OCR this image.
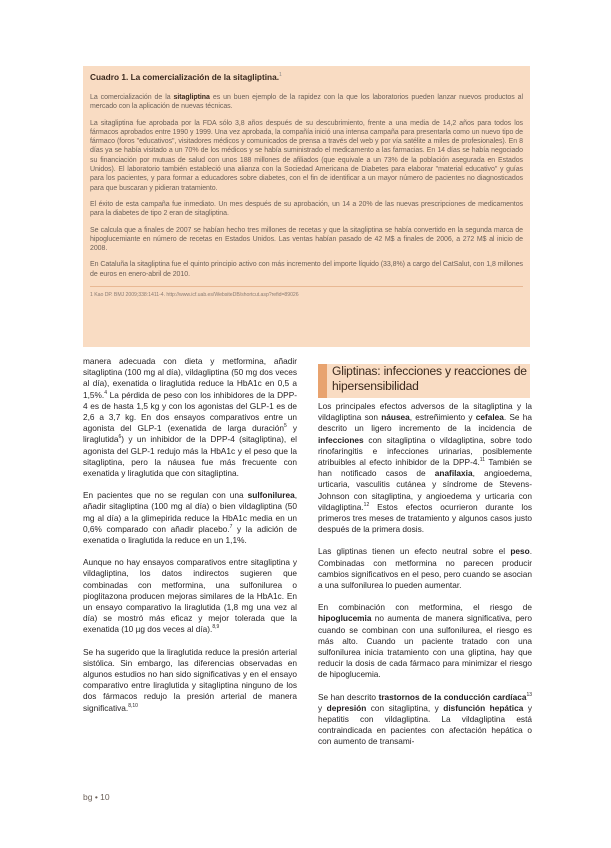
Cuadro 1. La comercialización de la sitagliptina.$^1$

La comercialización de la sitagliptina es un buen ejemplo de la rapidez con la que los laboratorios pueden lanzar nuevos productos al mercado con la aplicación de nuevas técnicas.

La sitagliptina fue aprobada por la FDA sólo 3,8 años después de su descubrimiento, frente a una media de 14,2 años para todos los fármacos aprobados entre 1990 y 1999. Una vez aprobada, la compañía inició una intensa campaña para presentarla como un nuevo tipo de fármaco (foros "educativos", visitadores médicos y comunicados de prensa a través del web y por vía satélite a miles de profesionales). En 8 días ya se había visitado a un 70% de los médicos y se había suministrado el medicamento a las farmacias. En 14 días se había negociado su financiación por mutuas de salud con unos 188 millones de afiliados (que equivale a un 73% de la población asegurada en Estados Unidos). El laboratorio también estableció una alianza con la Sociedad Americana de Diabetes para elaborar "material educativo" y guías para los pacientes, y para formar a educadores sobre diabetes, con el fin de identificar a un mayor número de pacientes no diagnosticados para que buscaran y pidieran tratamiento.

El éxito de esta campaña fue inmediato. Un mes después de su aprobación, un 14 a 20% de las nuevas prescripciones de medicamentos para la diabetes de tipo 2 eran de sitagliptina.

Se calcula que a finales de 2007 se habían hecho tres millones de recetas y que la sitagliptina se había convertido en la segunda marca de hipoglucemiante en número de recetas en Estados Unidos. Las ventas habían pasado de 42 M$ a finales de 2006, a 272 M$ al inicio de 2008.

En Cataluña la sitagliptina fue el quinto principio activo con más incremento del importe líquido (33,8%) a cargo del CatSalut, con 1,8 millones de euros en enero-abril de 2010.

1 Kao DP. BMJ 2009;338:1411-4. http://www.icf.uab.es/WebsiteDB/shortcut.asp?refid=89026

manera adecuada con dieta y metformina, añadir sitagliptina (100 mg al día), vildagliptina (50 mg dos veces al día), exenatida o liraglutida reduce la HbA1c en 0,5 a 1,5%.$^4$ La pérdida de peso con los inhibidores de la DPP-4 es de hasta 1,5 kg y con los agonistas del GLP-1 es de 2,6 a 3,7 kg. En dos ensayos comparativos entre un agonista del GLP-1 (exenatida de larga duración$^5$ y liraglutida$^6$) y un inhibidor de la DPP-4 (sitagliptina), el agonista del GLP-1 redujo más la HbA1c y el peso que la sitagliptina, pero la náusea fue más frecuente con exenatida y liraglutida que con sitagliptina.

En pacientes que no se regulan con una sulfonilurea, añadir sitagliptina (100 mg al día) o bien vildagliptina (50 mg al día) a la glimepirida reduce la HbA1c media en un 0,6% comparado con añadir placebo.$^7$ y la adición de exenatida o liraglutida la reduce en un 1,1%.

Aunque no hay ensayos comparativos entre sitagliptina y vildagliptina, los datos indirectos sugieren que combinadas con metformina, una sulfonilurea o pioglitazona producen mejoras similares de la HbA1c. En un ensayo comparativo la liraglutida (1,8 mg una vez al día) se mostró más eficaz y mejor tolerada que la exenatida (10 µg dos veces al día).$^{8,9}$

Se ha sugerido que la liraglutida reduce la presión arterial sistólica. Sin embargo, las diferencias observadas en algunos estudios no han sido significativas y en el ensayo comparativo entre liraglutida y sitagliptina ninguno de los dos fármacos redujo la presión arterial de manera significativa.$^{8,10}$

Gliptinas: infecciones y reacciones de hipersensibilidad

Los principales efectos adversos de la sitagliptina y la vildagliptina son náusea, estreñimiento y cefalea. Se ha descrito un ligero incremento de la incidencia de infecciones con sitagliptina o vildagliptina, sobre todo rinofaringitis e infecciones urinarias, posiblemente atribuibles al efecto inhibidor de la DPP-4.11 También se han notificado casos de anafilaxia, angioedema, urticaria, vasculitis cutánea y síndrome de Stevens-Johnson con sitagliptina, y angioedema y urticaria con vildagliptina.$^{12}$ Estos efectos ocurrieron durante los primeros tres meses de tratamiento y algunos casos justo después de la primera dosis.

Las gliptinas tienen un efecto neutral sobre el peso. Combinadas con metformina no parecen producir cambios significativos en el peso, pero cuando se asocian a una sulfonilurea lo pueden aumentar.

En combinación con metformina, el riesgo de hipoglucemia no aumenta de manera significativa, pero cuando se combinan con una sulfonilurea, el riesgo es más alto. Cuando un paciente tratado con una sulfonilurea inicia tratamiento con una gliptina, hay que reducir la dosis de cada fármaco para minimizar el riesgo de hipoglucemia.

Se han descrito trastornos de la conducción cardíaca$^{13}$ y depresión con sitagliptina, y disfunción hepática y hepatitis con vildagliptina. La vildagliptina está contraindicada en pacientes con afectación hepática o con aumento de transami-

bg • 10
